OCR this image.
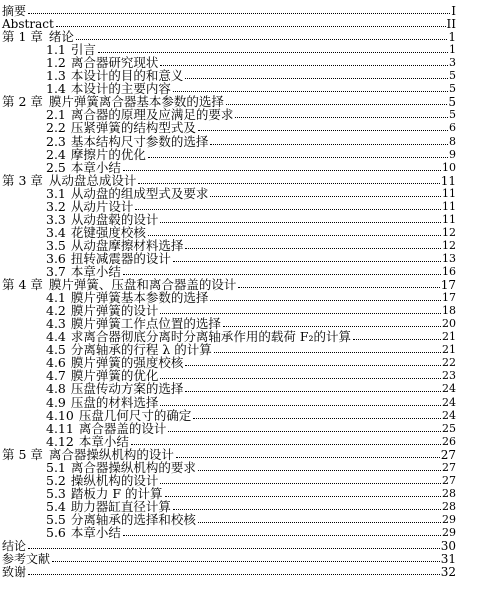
摘要	I
Abstract	II
第 1 章 绪论	1
1.1 引言	1
1.2 离合器研究现状	3
1.3 本设计的目的和意义	5
1.4 本设计的主要内容	5
第 2 章 膜片弹簧离合器基本参数的选择	5
2.1 离合器的原理及应满足的要求	5
2.2 压紧弹簧的结构型式及	6
2.3 基本结构尺寸参数的选择	8
2.4 摩擦片的优化	9
2.5 本章小结	10
第 3 章 从动盘总成设计	11
3.1 从动盘的组成型式及要求	11
3.2 从动片设计	11
3.3 从动盘毂的设计	11
3.4 花键强度校核	12
3.5 从动盘摩擦材料选择	12
3.6 扭转减震器的设计	13
3.7 本章小结	16
第 4 章 膜片弹簧、压盘和离合器盖的设计	17
4.1 膜片弹簧基本参数的选择	17
4.2 膜片弹簧的设计	18
4.3 膜片弹簧工作点位置的选择	20
4.4 求离合器彻底分离时分离轴承作用的载荷 F₂的计算	21
4.5 分离轴承的行程 λ 的计算	21
4.6 膜片弹簧的强度校核	22
4.7 膜片弹簧的优化	23
4.8 压盘传动方案的选择	24
4.9 压盘的材料选择	24
4.10 压盘几何尺寸的确定	24
4.11 离合器盖的设计	25
4.12 本章小结	26
第 5 章 离合器操纵机构的设计	27
5.1 离合器操纵机构的要求	27
5.2 操纵机构的设计	27
5.3 踏板力 F 的计算	28
5.4 助力器缸直径计算	28
5.5 分离轴承的选择和校核	29
5.6 本章小结	29
结论	30
参考文献	31
致谢	32
